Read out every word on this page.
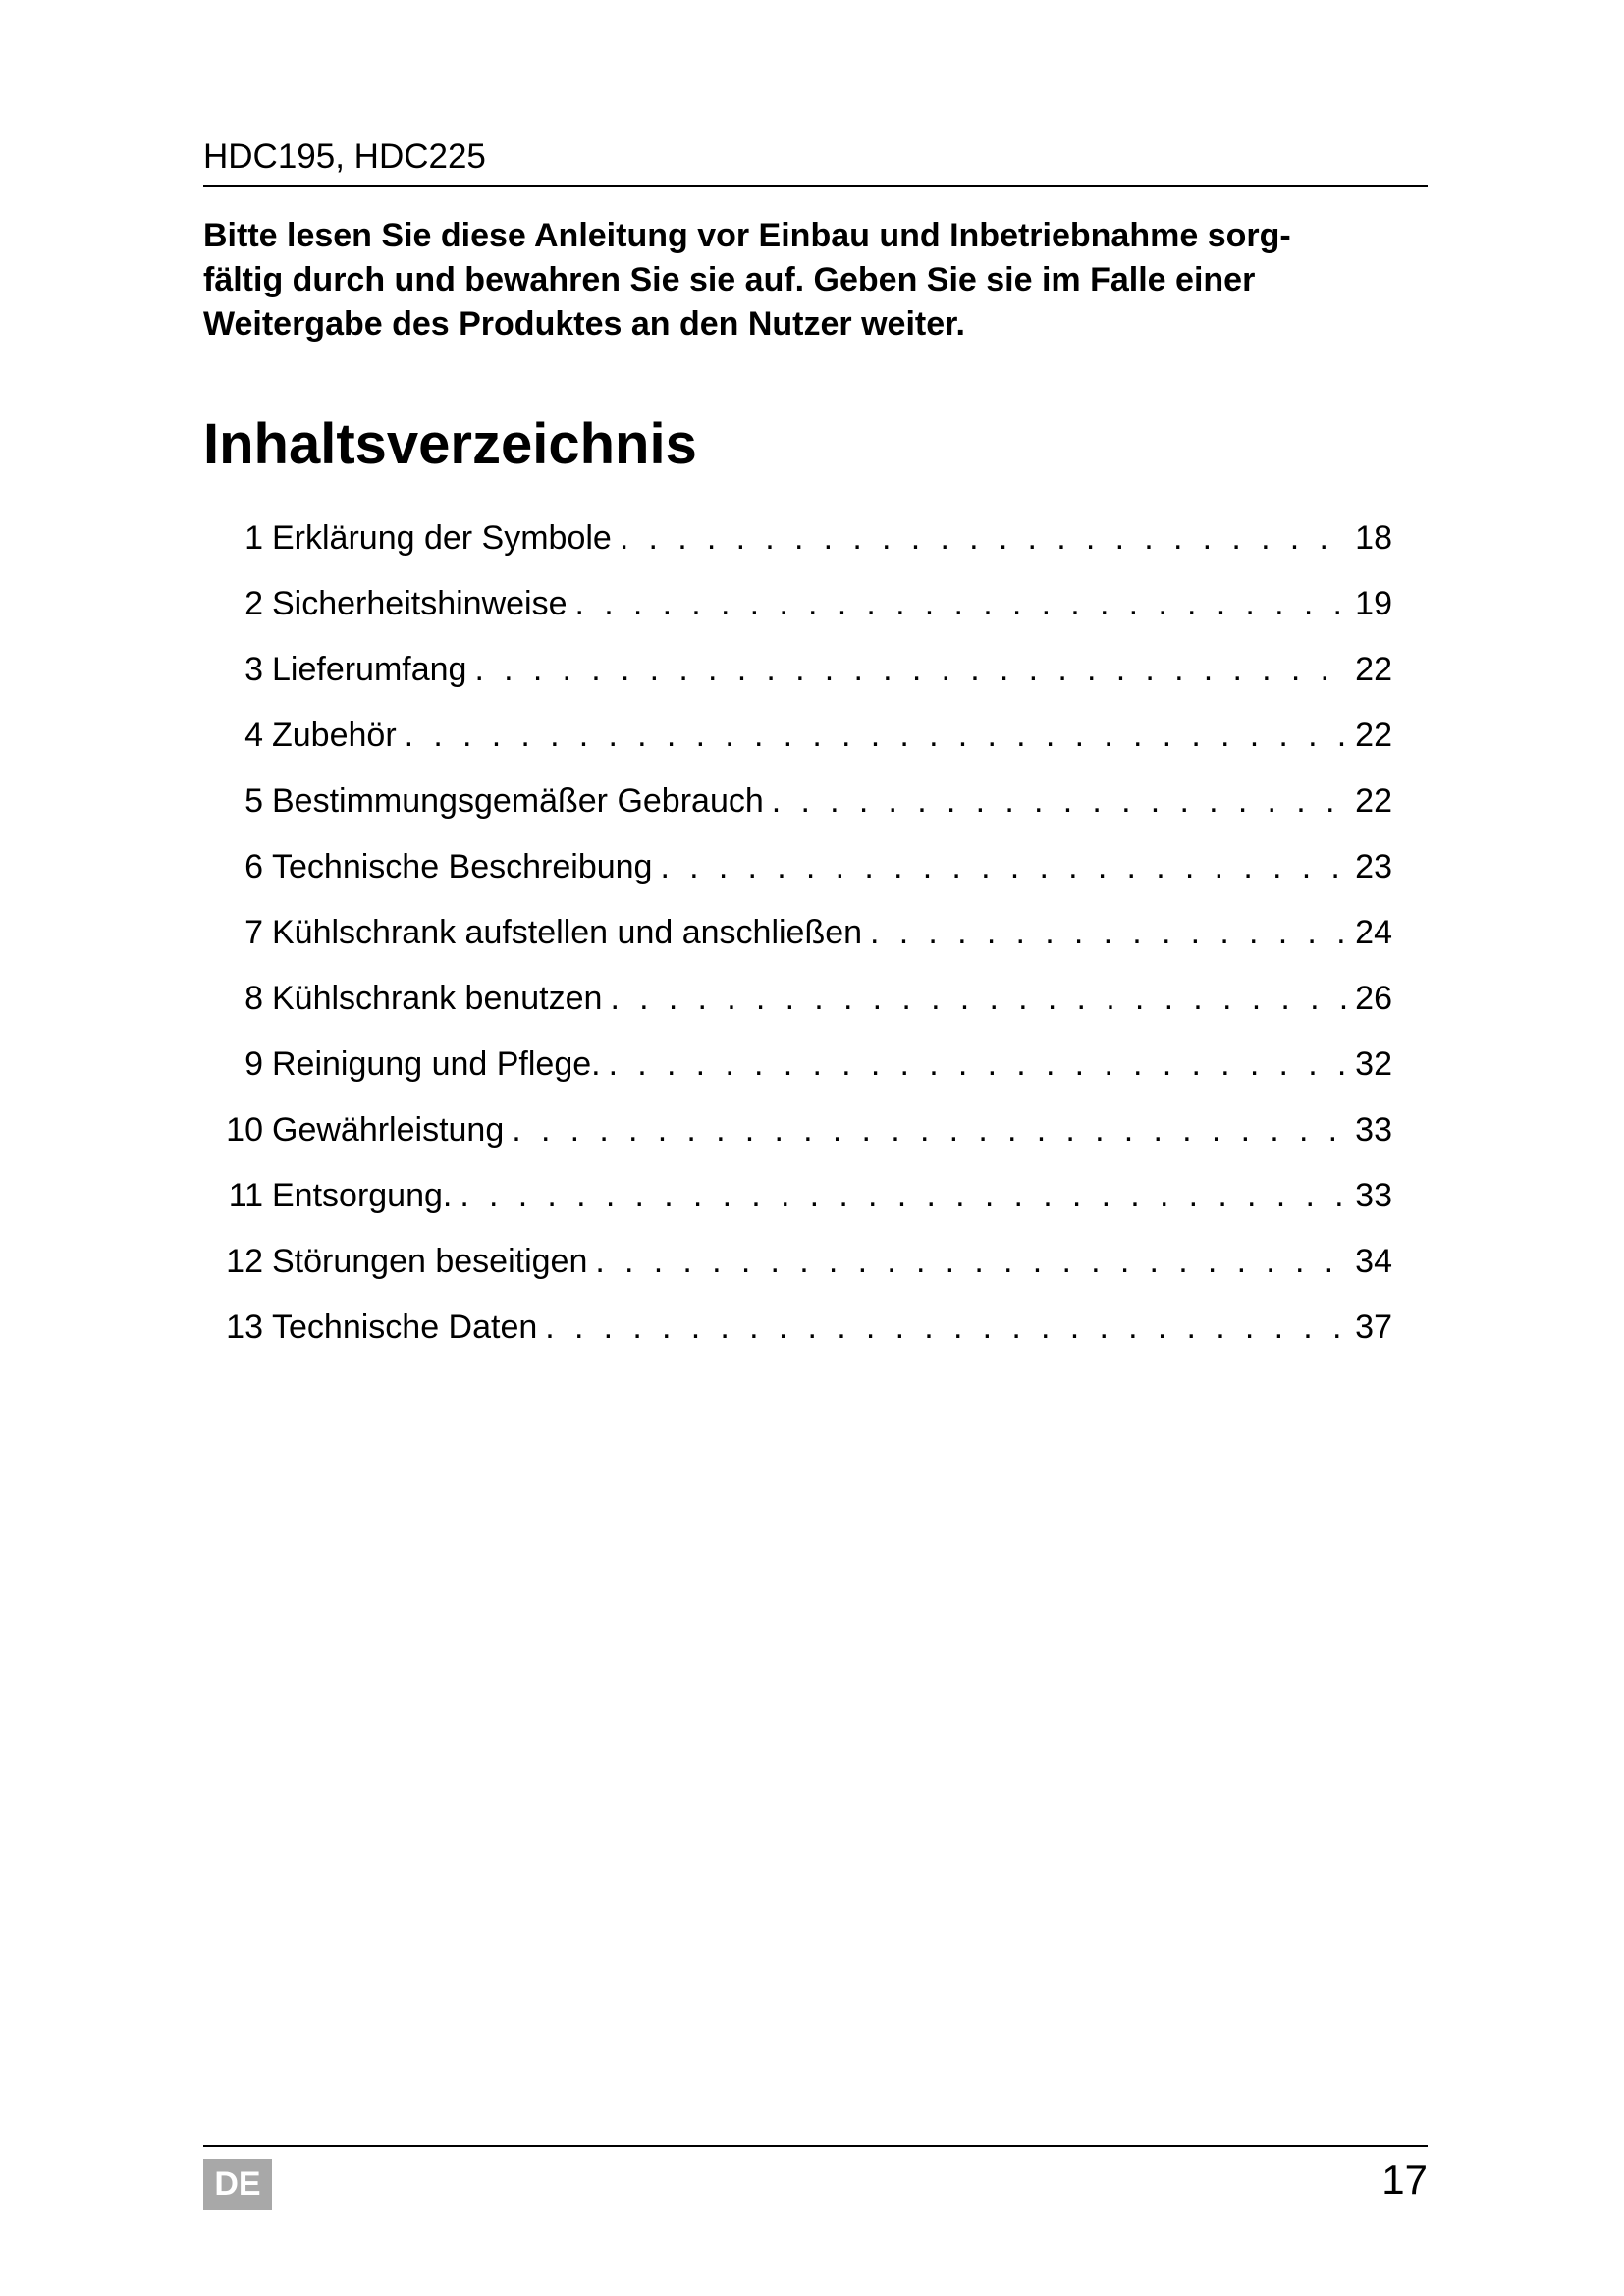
HDC195, HDC225
Bitte lesen Sie diese Anleitung vor Einbau und Inbetriebnahme sorg-
fältig durch und bewahren Sie sie auf. Geben Sie sie im Falle einer
Weitergabe des Produktes an den Nutzer weiter.
Inhaltsverzeichnis
1 Erklärung der Symbole . . .	18
2 Sicherheitshinweise . . .	19
3 Lieferumfang . . .	22
4 Zubehör . . .	22
5 Bestimmungsgemäßer Gebrauch . . .	22
6 Technische Beschreibung . . .	23
7 Kühlschrank aufstellen und anschließen . . .	24
8 Kühlschrank benutzen . . .	26
9 Reinigung und Pflege. . . .	32
10 Gewährleistung . . .	33
11 Entsorgung. . . .	33
12 Störungen beseitigen . . .	34
13 Technische Daten . . .	37
DE	17
